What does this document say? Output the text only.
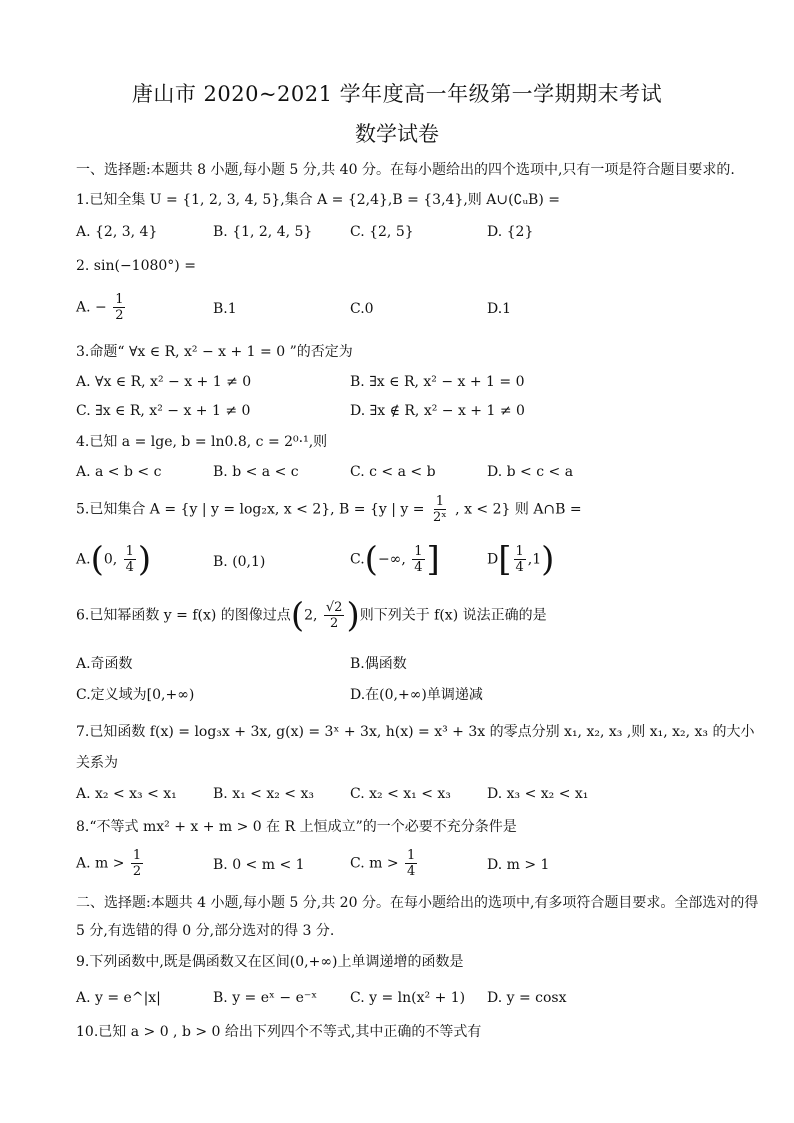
唐山市 2020~2021 学年度高一年级第一学期期末考试
数学试卷
一、选择题:本题共 8 小题,每小题 5 分,共 40 分。在每小题给出的四个选项中,只有一项是符合题目要求的.
1.已知全集 U = {1, 2, 3, 4, 5},集合 A = {2,4},B = {3,4},则 A∪(∁ᵤB) =
A. {2, 3, 4}	B. {1, 2, 4, 5}	C. {2, 5}	D. {2}
2. sin(−1080°) =
A. − $\frac{1}{2}$	B.1	C.0	D.1
3.命题“ ∀x ∈ R, x² − x + 1 = 0 ”的否定为
A. ∀x ∈ R, x² − x + 1 ≠ 0	B. ∃x ∈ R, x² − x + 1 = 0
C. ∃x ∈ R, x² − x + 1 ≠ 0	D. ∃x ∉ R, x² − x + 1 ≠ 0
4.已知 a = lge, b = ln0.8, c = 2⁰·¹,则
A. a < b < c	B. b < a < c	C. c < a < b	D. b < c < a
5.已知集合 A = {y | y = log₂x, x < 2}, B = {y | $y = \frac{1}{\text{2ˣ}}$ , x < 2} 则 A∩B =
A.(0, $\frac{1}{4}$ )	B. (0,1)	C.(−∞, $\frac{1}{4}$ ]	$D[ \frac{1}{4} ,1)$
6.已知幂函数 y = f(x) 的图像过点(2, $\frac{√2}{2}$ )则下列关于 f(x) 说法正确的是
A.奇函数	B.偶函数
C.定义域为[0,+∞)	D.在(0,+∞)单调递减
7.已知函数 f(x) = log₃x + 3x, g(x) = 3ˣ + 3x, h(x) = x³ + 3x 的零点分别 x₁, x₂, x₃ ,则 x₁, x₂, x₃ 的大小
关系为
A. x₂ < x₃ < x₁	B. x₁ < x₂ < x₃	C. x₂ < x₁ < x₃	D. x₃ < x₂ < x₁
8.“不等式 mx² + x + m > 0 在 R 上恒成立”的一个必要不充分条件是
A. $m > \frac{1}{2}$	B. 0 < m < 1	C. $m > \frac{1}{4}$	D. m > 1
二、选择题:本题共 4 小题,每小题 5 分,共 20 分。在每小题给出的选项中,有多项符合题目要求。全部选对的得
5 分,有选错的得 0 分,部分选对的得 3 分.
9.下列函数中,既是偶函数又在区间(0,+∞)上单调递增的函数是
A. y = e^|x|	B. y = eˣ − e⁻ˣ C. y = ln(x² + 1) D. y = cosx
10.已知 a > 0 , b > 0 给出下列四个不等式,其中正确的不等式有
